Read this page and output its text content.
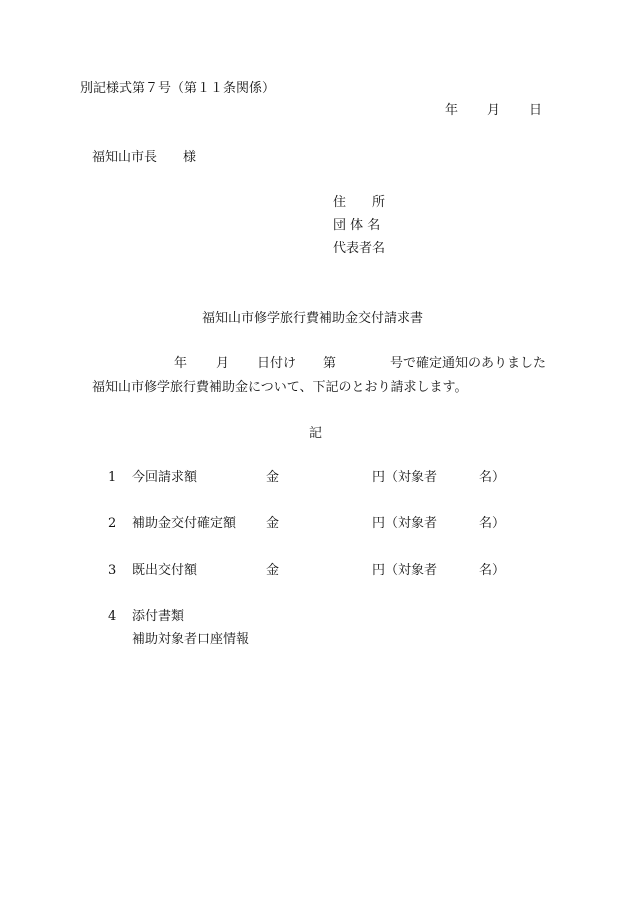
別記様式第７号（第１１条関係）
年　　月　　日
福知山市長　　様
住　　所
団 体 名
代表者名
福知山市修学旅行費補助金交付請求書
年 月 日付け 第	号で確定通知のありました
福知山市修学旅行費補助金について、下記のとおり請求します。
記
1 今回請求額	金	円（対象者	名）
2 補助金交付確定額 金	円（対象者	名）
3 既出交付額	金	円（対象者	名）
4 添付書類
補助対象者口座情報
